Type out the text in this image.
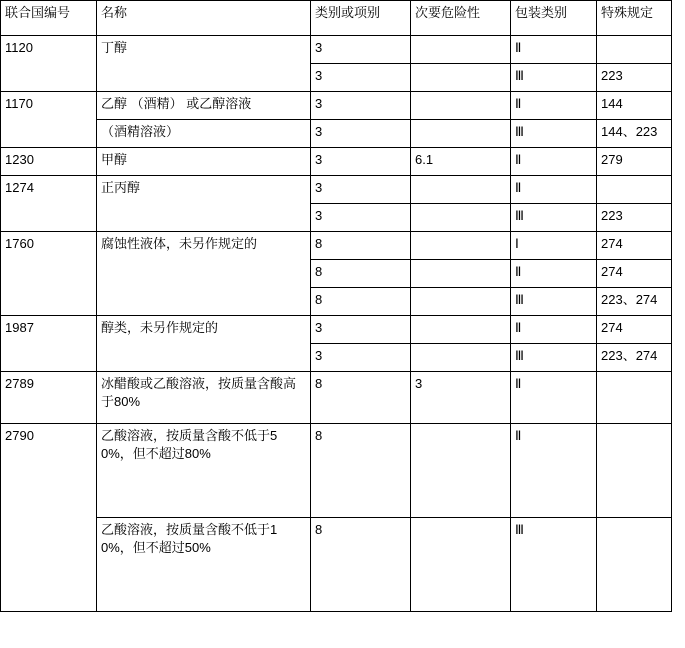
联合国编号	名称	类别或项别	次要危险性	包装类别	特殊规定
1120	丁醇	3		Ⅱ	
		3		Ⅲ	223
1170	乙醇 （酒精） 或乙醇溶液	3		Ⅱ	144
	（酒精溶液）	3		Ⅲ	144、223
1230	甲醇	3	6.1	Ⅱ	279
1274	正丙醇	3		Ⅱ	
		3		Ⅲ	223
1760	腐蚀性液体，未另作规定的	8		Ⅰ	274
		8		Ⅱ	274
		8		Ⅲ	223、274
1987	醇类，未另作规定的	3		Ⅱ	274
		3		Ⅲ	223、274
2789	冰醋酸或乙酸溶液，按质量含酸高于80%	8	3	Ⅱ	
2790	乙酸溶液，按质量含酸不低于50%，但不超过80%	8		Ⅱ	
	乙酸溶液，按质量含酸不低于10%，但不超过50%	8		Ⅲ	
